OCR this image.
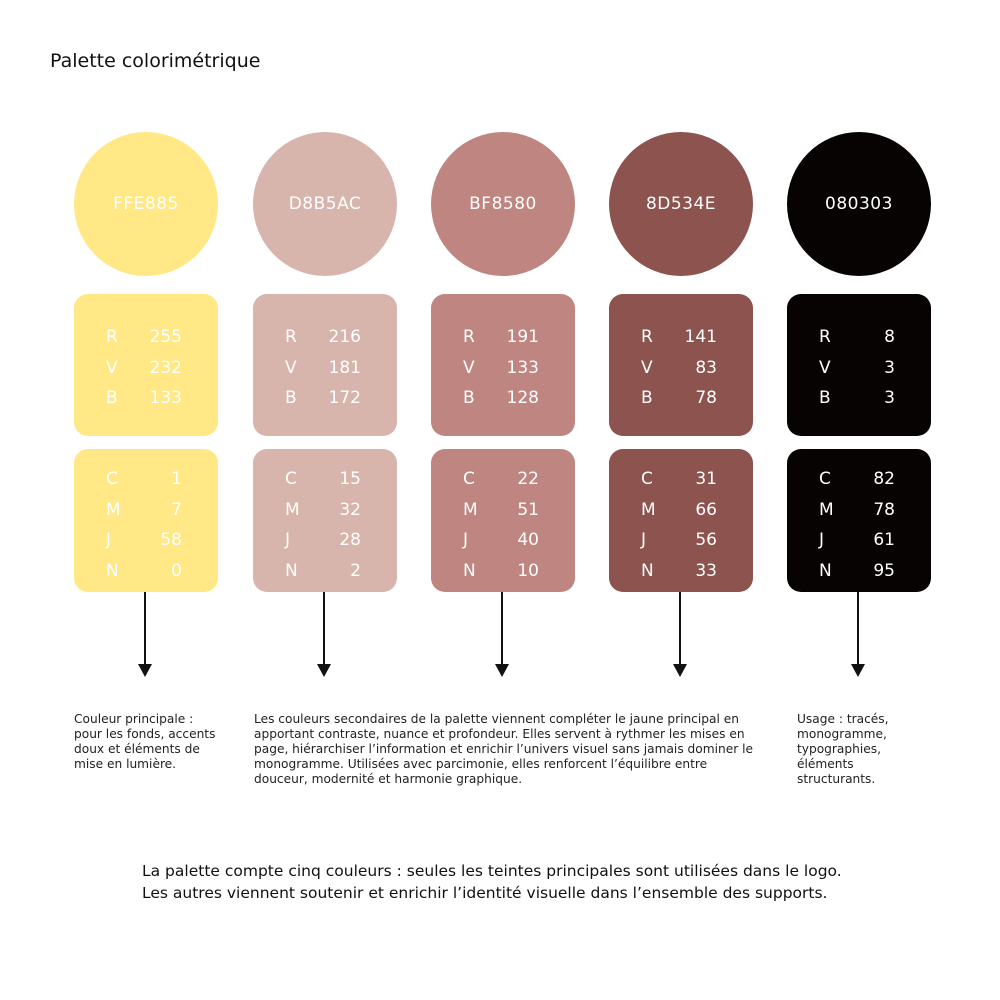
Palette colorimétrique
FFE885
R	255
V	232
B	133
C	1
M	7
J	58
N	0
D8B5AC
R	216
V	181
B	172
C	15
M	32
J	28
N	2
BF8580
R	191
V	133
B	128
C	22
M	51
J	40
N	10
8D534E
R	141
V	83
B	78
C	31
M	66
J	56
N	33
080303
R	8
V	3
B	3
C	82
M	78
J	61
N	95
Couleur principale : pour les fonds, accents doux et éléments de mise en lumière.
Les couleurs secondaires de la palette viennent compléter le jaune principal en apportant contraste, nuance et profondeur. Elles servent à rythmer les mises en page, hiérarchiser l’information et enrichir l’univers visuel sans jamais dominer le monogramme. Utilisées avec parcimonie, elles renforcent l’équilibre entre douceur, modernité et harmonie graphique.
Usage : tracés, monogramme, typographies, éléments structurants.
La palette compte cinq couleurs : seules les teintes principales sont utilisées dans le logo.
Les autres viennent soutenir et enrichir l’identité visuelle dans l’ensemble des supports.
